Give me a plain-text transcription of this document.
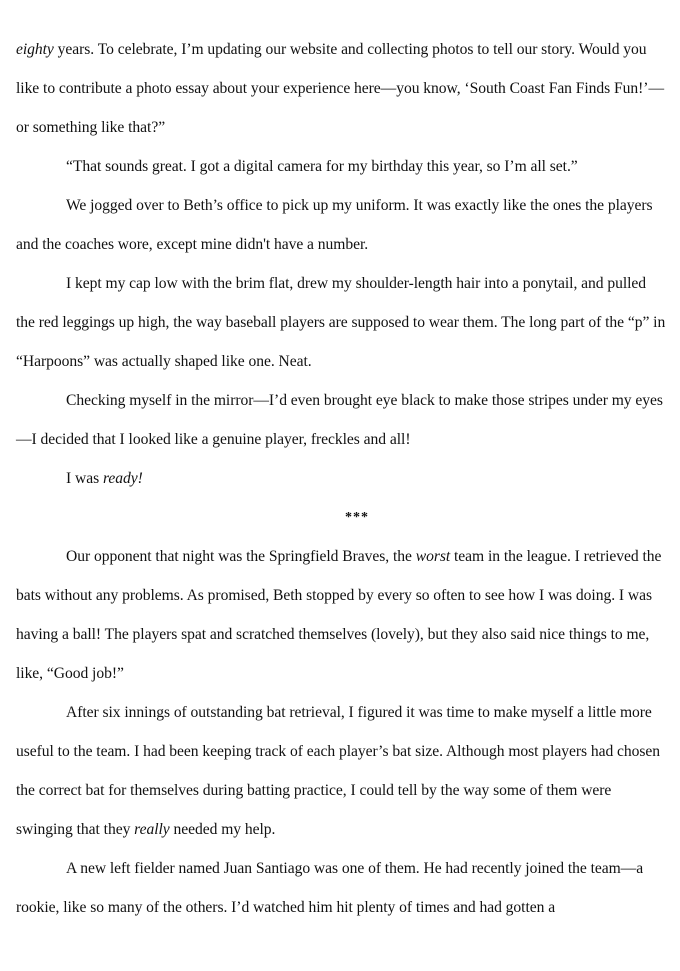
eighty years. To celebrate, I’m updating our website and collecting photos to tell our story. Would you like to contribute a photo essay about your experience here—you know, ‘South Coast Fan Finds Fun!’—or something like that?”

“That sounds great. I got a digital camera for my birthday this year, so I’m all set.”

We jogged over to Beth’s office to pick up my uniform. It was exactly like the ones the players and the coaches wore, except mine didn't have a number.

I kept my cap low with the brim flat, drew my shoulder-length hair into a ponytail, and pulled the red leggings up high, the way baseball players are supposed to wear them. The long part of the “p” in “Harpoons” was actually shaped like one. Neat.

Checking myself in the mirror—I’d even brought eye black to make those stripes under my eyes—I decided that I looked like a genuine player, freckles and all!

I was ready!

***

Our opponent that night was the Springfield Braves, the worst team in the league. I retrieved the bats without any problems. As promised, Beth stopped by every so often to see how I was doing. I was having a ball! The players spat and scratched themselves (lovely), but they also said nice things to me, like, “Good job!”

After six innings of outstanding bat retrieval, I figured it was time to make myself a little more useful to the team. I had been keeping track of each player’s bat size. Although most players had chosen the correct bat for themselves during batting practice, I could tell by the way some of them were swinging that they really needed my help.

A new left fielder named Juan Santiago was one of them. He had recently joined the team—a rookie, like so many of the others. I’d watched him hit plenty of times and had gotten a
